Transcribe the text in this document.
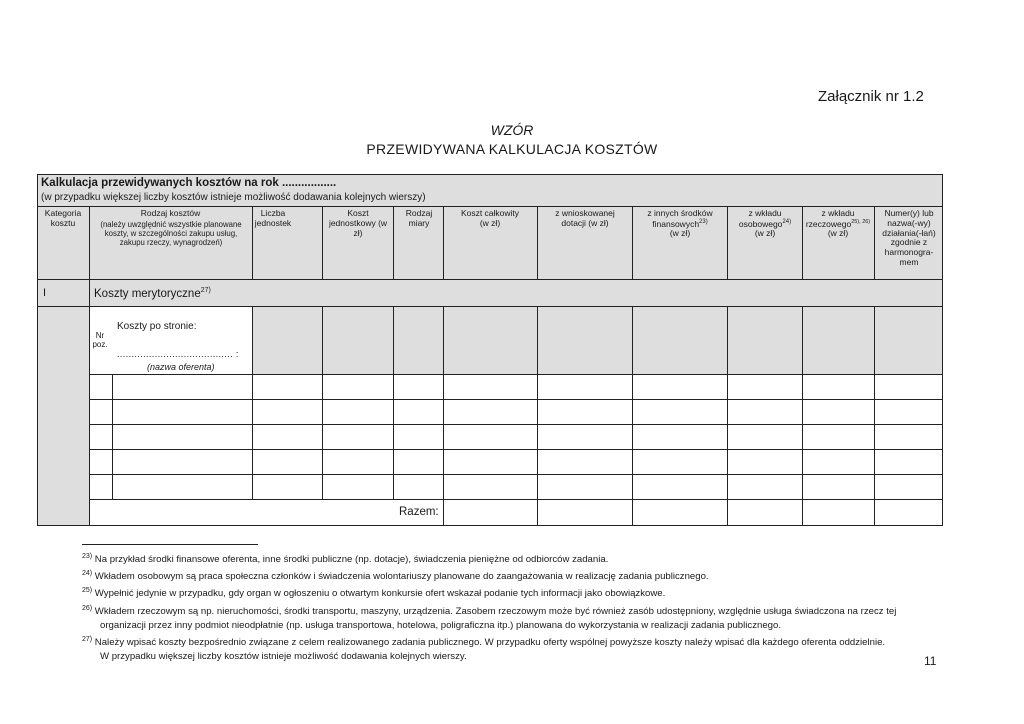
Załącznik nr 1.2
WZÓR
PRZEWIDYWANA KALKULACJA KOSZTÓW
Kalkulacja przewidywanych kosztów na rok .................
(w przypadku większej liczby kosztów istnieje możliwość dodawania kolejnych wierszy)
Kategoria kosztu
Rodzaj kosztów
(należy uwzględnić wszystkie planowane koszty, w szczególności zakupu usług, zakupu rzeczy, wynagrodzeń)
Liczba jednostek
Koszt jednostkowy (w zł)
Rodzaj miary
Koszt całkowity (w zł)
z wnioskowanej dotacji (w zł)
z innych środków finansowych$^{23)}$
(w zł)
z wkładu osobowego$^{24)}$
(w zł)
z wkładu rzeczowego$^{25), 26)}$
(w zł)
Numer(y) lub nazwa(-wy) działania(-łań) zgodnie z harmonogra-mem
I	Koszty merytoryczne$^{27)}$
Nr poz.
Koszty po stronie:
........................................ :
(nazwa oferenta)
Razem:
$^{23)}$ Na przykład środki finansowe oferenta, inne środki publiczne (np. dotacje), świadczenia pieniężne od odbiorców zadania.
$^{24)}$ Wkładem osobowym są praca społeczna członków i świadczenia wolontariuszy planowane do zaangażowania w realizację zadania publicznego.
$^{25)}$ Wypełnić jedynie w przypadku, gdy organ w ogłoszeniu o otwartym konkursie ofert wskazał podanie tych informacji jako obowiązkowe.
$^{26)}$ Wkładem rzeczowym są np. nieruchomości, środki transportu, maszyny, urządzenia. Zasobem rzeczowym może być również zasób udostępniony, względnie usługa świadczona na rzecz tej
organizacji przez inny podmiot nieodpłatnie (np. usługa transportowa, hotelowa, poligraficzna itp.) planowana do wykorzystania w realizacji zadania publicznego.
$^{27)}$ Należy wpisać koszty bezpośrednio związane z celem realizowanego zadania publicznego. W przypadku oferty wspólnej powyższe koszty należy wpisać dla każdego oferenta oddzielnie.
W przypadku większej liczby kosztów istnieje możliwość dodawania kolejnych wierszy.	11
